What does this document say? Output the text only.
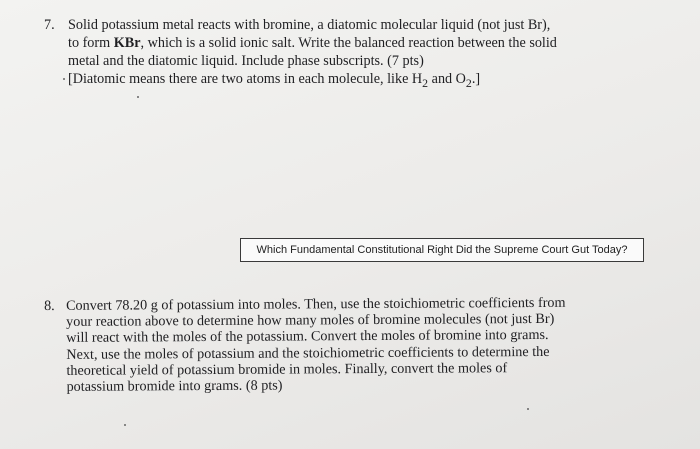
7. Solid potassium metal reacts with bromine, a diatomic molecular liquid (not just Br),
to form KBr, which is a solid ionic salt. Write the balanced reaction between the solid
metal and the diatomic liquid. Include phase subscripts. (7 pts)
[Diatomic means there are two atoms in each molecule, like $H_2$ and $O_2$.]
Which Fundamental Constitutional Right Did the Supreme Court Gut Today?
8. Convert 78.20 g of potassium into moles. Then, use the stoichiometric coefficients from
your reaction above to determine how many moles of bromine molecules (not just Br)
will react with the moles of the potassium. Convert the moles of bromine into grams.
Next, use the moles of potassium and the stoichiometric coefficients to determine the
theoretical yield of potassium bromide in moles. Finally, convert the moles of
potassium bromide into grams. (8 pts)
